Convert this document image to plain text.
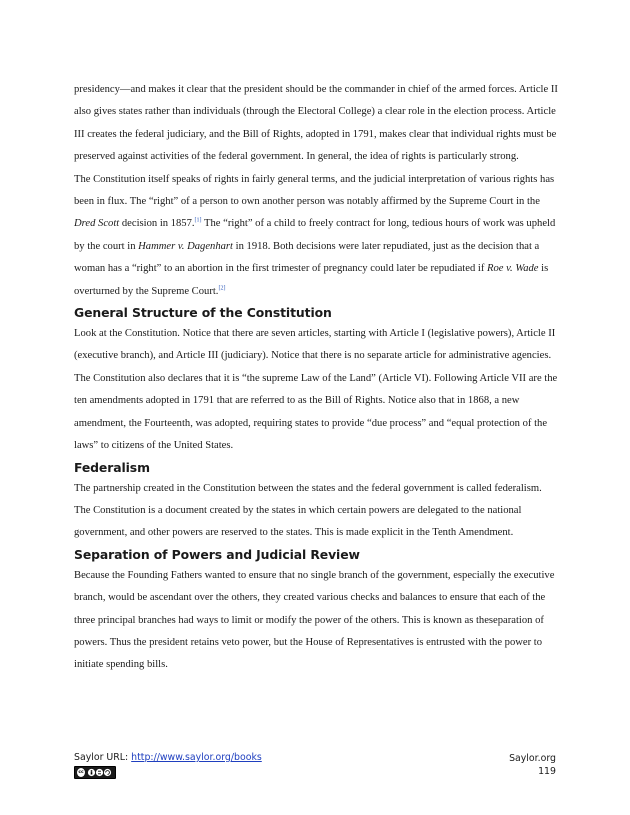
presidency—and makes it clear that the president should be the commander in chief of the armed forces. Article II also gives states rather than individuals (through the Electoral College) a clear role in the election process. Article III creates the federal judiciary, and the Bill of Rights, adopted in 1791, makes clear that individual rights must be preserved against activities of the federal government. In general, the idea of rights is particularly strong.

The Constitution itself speaks of rights in fairly general terms, and the judicial interpretation of various rights has been in flux. The “right” of a person to own another person was notably affirmed by the Supreme Court in the Dred Scott decision in 1857.[1] The “right” of a child to freely contract for long, tedious hours of work was upheld by the court in Hammer v. Dagenhart in 1918. Both decisions were later repudiated, just as the decision that a woman has a “right” to an abortion in the first trimester of pregnancy could later be repudiated if Roe v. Wade is overturned by the Supreme Court.[2]

General Structure of the Constitution

Look at the Constitution. Notice that there are seven articles, starting with Article I (legislative powers), Article II (executive branch), and Article III (judiciary). Notice that there is no separate article for administrative agencies. The Constitution also declares that it is “the supreme Law of the Land” (Article VI). Following Article VII are the ten amendments adopted in 1791 that are referred to as the Bill of Rights. Notice also that in 1868, a new amendment, the Fourteenth, was adopted, requiring states to provide “due process” and “equal protection of the laws” to citizens of the United States.

Federalism

The partnership created in the Constitution between the states and the federal government is called federalism. The Constitution is a document created by the states in which certain powers are delegated to the national government, and other powers are reserved to the states. This is made explicit in the Tenth Amendment.

Separation of Powers and Judicial Review

Because the Founding Fathers wanted to ensure that no single branch of the government, especially the executive branch, would be ascendant over the others, they created various checks and balances to ensure that each of the three principal branches had ways to limit or modify the power of the others. This is known as theseparation of powers. Thus the president retains veto power, but the House of Representatives is entrusted with the power to initiate spending bills.

Saylor URL: http://www.saylor.org/books
cc
Saylor.org
119
